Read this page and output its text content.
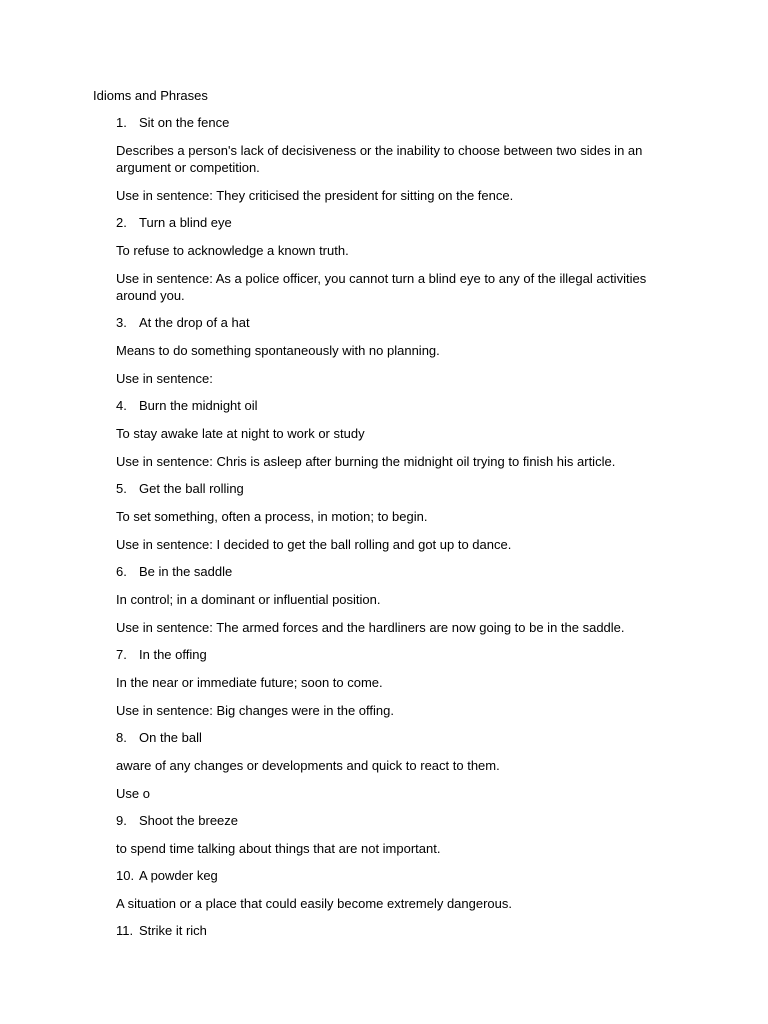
Idioms and Phrases
1. Sit on the fence
Describes a person's lack of decisiveness or the inability to choose between two sides in an argument or competition.
Use in sentence: They criticised the president for sitting on the fence.
2. Turn a blind eye
To refuse to acknowledge a known truth.
Use in sentence: As a police officer, you cannot turn a blind eye to any of the illegal activities around you.
3. At the drop of a hat
Means to do something spontaneously with no planning.
Use in sentence:
4. Burn the midnight oil
To stay awake late at night to work or study
Use in sentence: Chris is asleep after burning the midnight oil trying to finish his article.
5. Get the ball rolling
To set something, often a process, in motion; to begin.
Use in sentence: I decided to get the ball rolling and got up to dance.
6. Be in the saddle
In control; in a dominant or influential position.
Use in sentence: The armed forces and the hardliners are now going to be in the saddle.
7. In the offing
In the near or immediate future; soon to come.
Use in sentence: Big changes were in the offing.
8. On the ball
aware of any changes or developments and quick to react to them.
Use o
9. Shoot the breeze
to spend time talking about things that are not important.
10. A powder keg
A situation or a place that could easily become extremely dangerous.
11. Strike it rich
